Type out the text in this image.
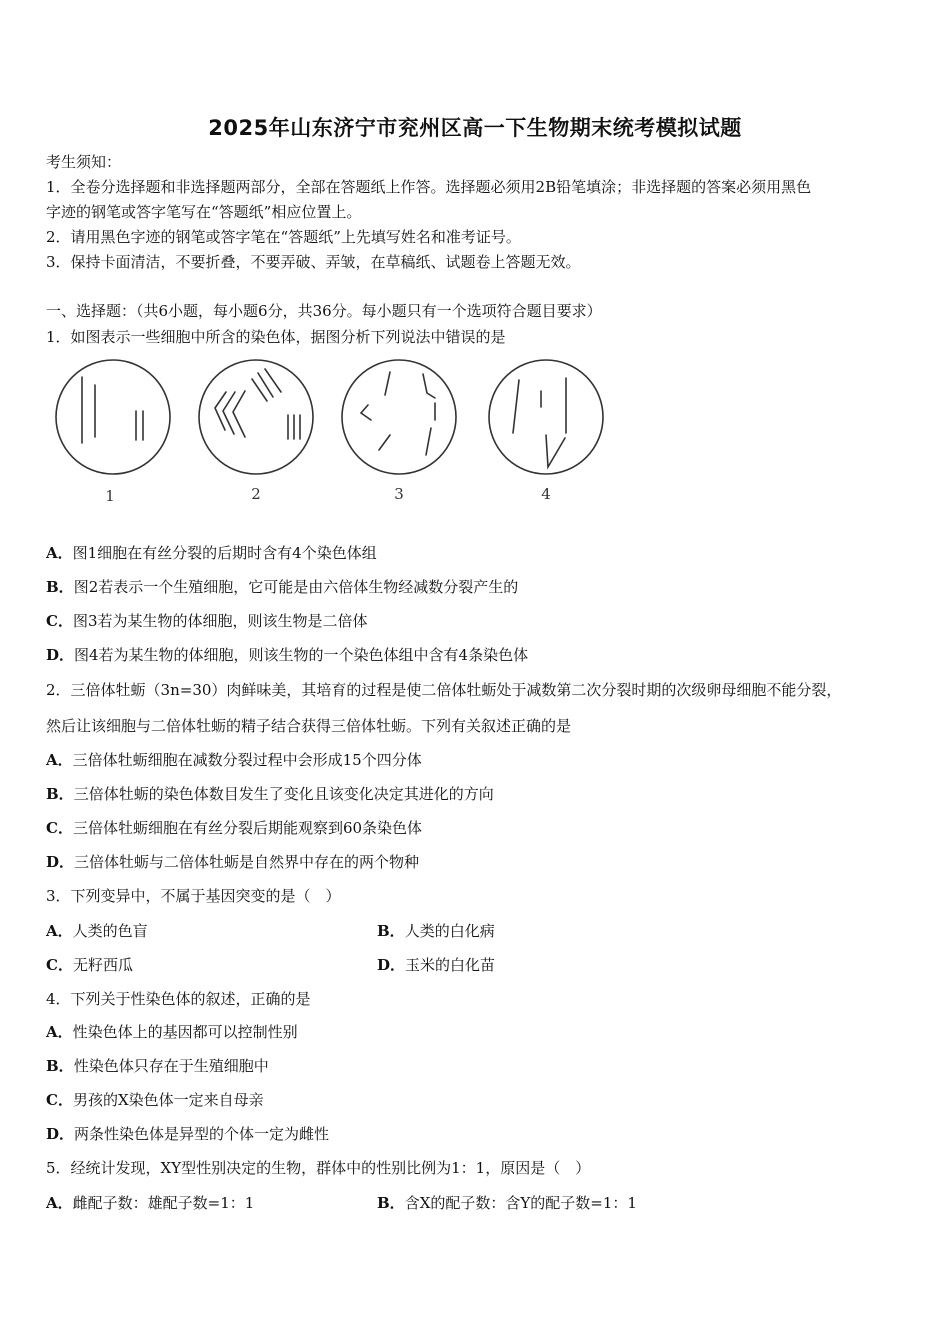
2025年山东济宁市兖州区高一下生物期末统考模拟试题
考生须知：
1．全卷分选择题和非选择题两部分，全部在答题纸上作答。选择题必须用2B铅笔填涂；非选择题的答案必须用黑色
字迹的钢笔或答字笔写在“答题纸”相应位置上。
2．请用黑色字迹的钢笔或答字笔在“答题纸”上先填写姓名和准考证号。
3．保持卡面清洁，不要折叠，不要弄破、弄皱，在草稿纸、试题卷上答题无效。
一、选择题：（共6小题，每小题6分，共36分。每小题只有一个选项符合题目要求）
1．如图表示一些细胞中所含的染色体，据图分析下列说法中错误的是
1	2	3	4
A．图1细胞在有丝分裂的后期时含有4个染色体组
B．图2若表示一个生殖细胞，它可能是由六倍体生物经减数分裂产生的
C．图3若为某生物的体细胞，则该生物是二倍体
D．图4若为某生物的体细胞，则该生物的一个染色体组中含有4条染色体
2．三倍体牡蛎（3n=30）肉鲜味美，其培育的过程是使二倍体牡蛎处于减数第二次分裂时期的次级卵母细胞不能分裂，
然后让该细胞与二倍体牡蛎的精子结合获得三倍体牡蛎。下列有关叙述正确的是
A．三倍体牡蛎细胞在减数分裂过程中会形成15个四分体
B．三倍体牡蛎的染色体数目发生了变化且该变化决定其进化的方向
C．三倍体牡蛎细胞在有丝分裂后期能观察到60条染色体
D．三倍体牡蛎与二倍体牡蛎是自然界中存在的两个物种
3．下列变异中，不属于基因突变的是（　）
A．人类的色盲	B．人类的白化病
C．无籽西瓜	D．玉米的白化苗
4．下列关于性染色体的叙述，正确的是
A．性染色体上的基因都可以控制性别
B．性染色体只存在于生殖细胞中
C．男孩的X染色体一定来自母亲
D．两条性染色体是异型的个体一定为雌性
5．经统计发现，XY型性别决定的生物，群体中的性别比例为1：1，原因是（　）
A．雌配子数：雄配子数=1：1	B．含X的配子数：含Y的配子数=1：1
